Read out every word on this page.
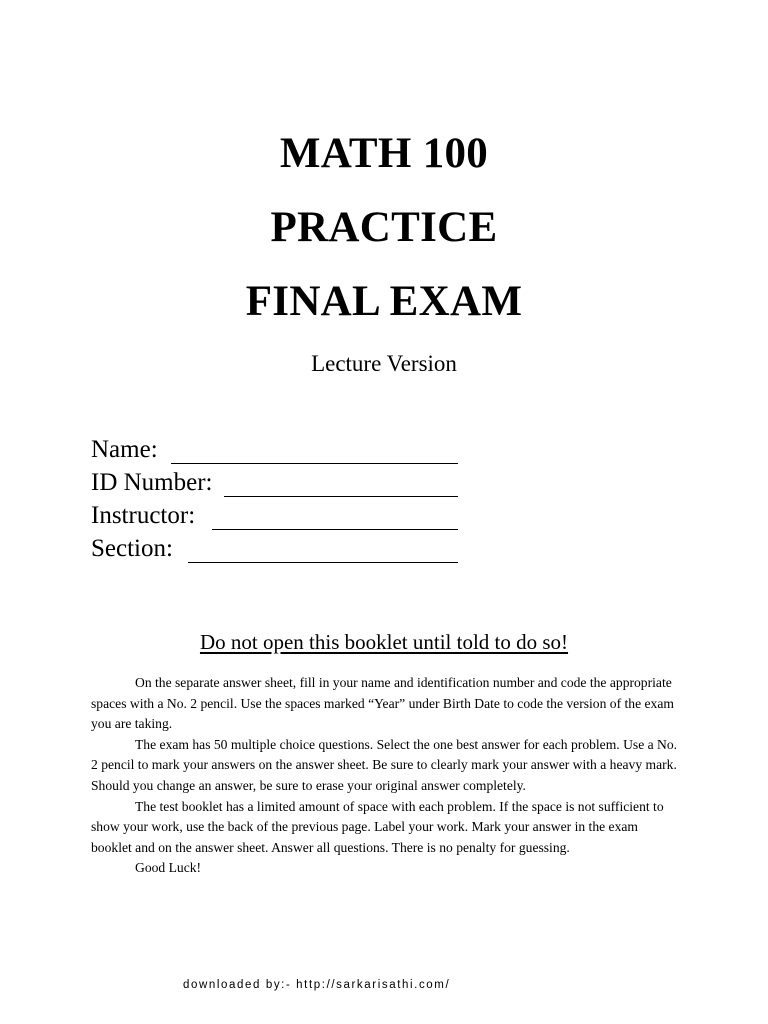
MATH 100
PRACTICE
FINAL EXAM
Lecture Version
Name:
ID Number:
Instructor:
Section:
Do not open this booklet until told to do so!

On the separate answer sheet, fill in your name and identification number and code the appropriate spaces with a No. 2 pencil. Use the spaces marked “Year” under Birth Date to code the version of the exam you are taking.

The exam has 50 multiple choice questions. Select the one best answer for each problem. Use a No. 2 pencil to mark your answers on the answer sheet. Be sure to clearly mark your answer with a heavy mark. Should you change an answer, be sure to erase your original answer completely.

The test booklet has a limited amount of space with each problem. If the space is not sufficient to show your work, use the back of the previous page. Label your work. Mark your answer in the exam booklet and on the answer sheet. Answer all questions. There is no penalty for guessing.

Good Luck!

downloaded by:- http://sarkarisathi.com/
